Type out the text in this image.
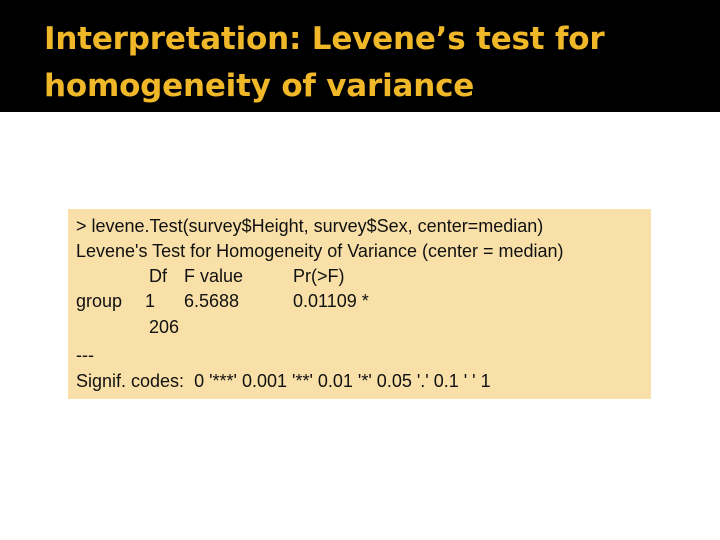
Interpretation: Levene’s test for
homogeneity of variance
> levene.Test(survey$Height, survey$Sex, center=median)
Levene's Test for Homogeneity of Variance (center = median)
Df F value	Pr(>F)
group 1 6.5688	0.01109 *
206
---
Signif. codes:  0 '***' 0.001 '**' 0.01 '*' 0.05 '.' 0.1 ' ' 1
